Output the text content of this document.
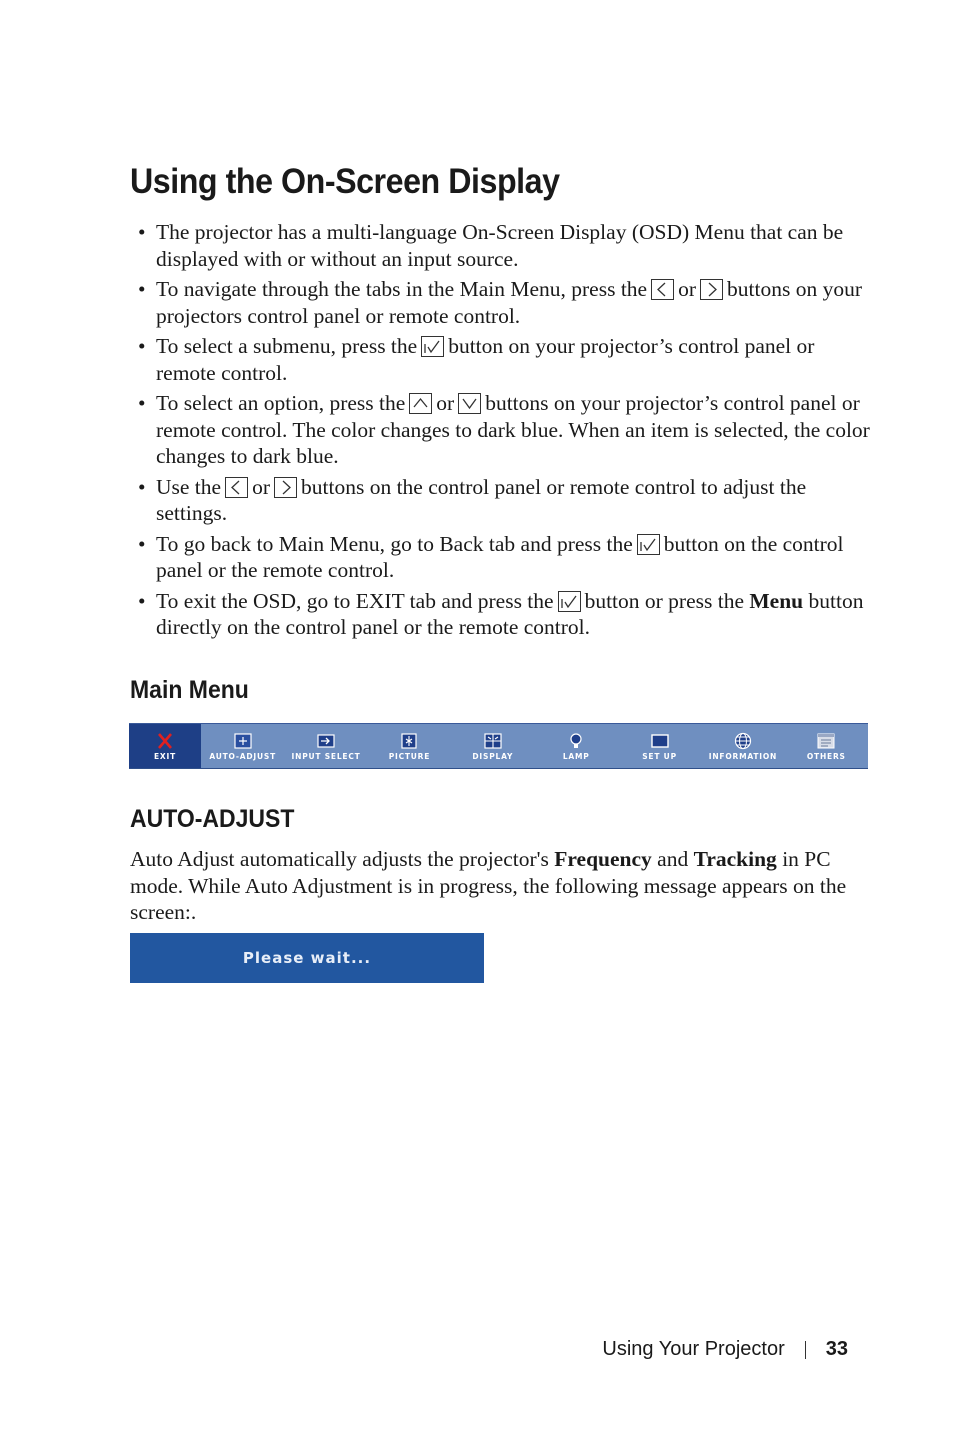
Using the On-Screen Display
• The projector has a multi-language On-Screen Display (OSD) Menu that can be displayed with or without an input source.
• To navigate through the tabs in the Main Menu, press the or buttons on your projectors control panel or remote control.
• To select a submenu, press the button on your projector’s control panel or remote control.
• To select an option, press the or buttons on your projector’s control panel or remote control. The color changes to dark blue. When an item is selected, the color changes to dark blue.
• Use the or buttons on the control panel or remote control to adjust the settings.
• To go back to Main Menu, go to Back tab and press the button on the control panel or the remote control.
• To exit the OSD, go to EXIT tab and press the button or press the Menu button directly on the control panel or the remote control.
Main Menu
EXIT	AUTO-ADJUST INPUT SELECT	PICTURE	DISPLAY	LAMP	SET UP	INFORMATION	OTHERS
AUTO-ADJUST

Auto Adjust automatically adjusts the projector's Frequency and Tracking in PC mode. While Auto Adjustment is in progress, the following message appears on the screen:.

Please wait...
Using Your Projector 33
